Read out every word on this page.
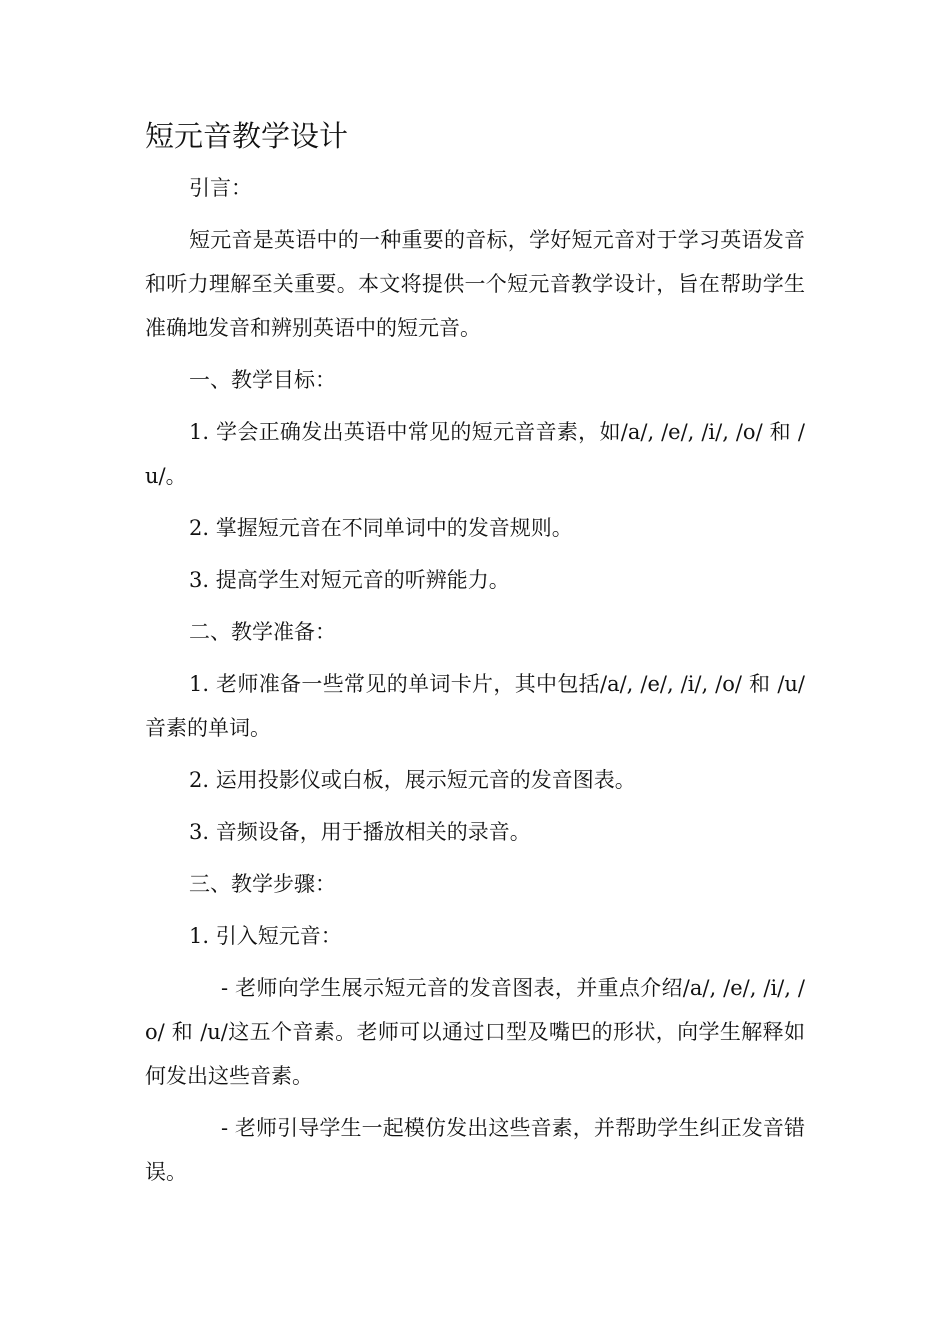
短元音教学设计

引言：

短元音是英语中的一种重要的音标，学好短元音对于学习英语发音和听力理解至关重要。本文将提供一个短元音教学设计，旨在帮助学生准确地发音和辨别英语中的短元音。

一、教学目标：

1. 学会正确发出英语中常见的短元音音素，如/a/, /e/, /i/, /o/ 和 /u/。

2. 掌握短元音在不同单词中的发音规则。

3. 提高学生对短元音的听辨能力。

二、教学准备：

1. 老师准备一些常见的单词卡片，其中包括/a/, /e/, /i/, /o/ 和 /u/ 音素的单词。

2. 运用投影仪或白板，展示短元音的发音图表。

3. 音频设备，用于播放相关的录音。

三、教学步骤：

1. 引入短元音：

- 老师向学生展示短元音的发音图表，并重点介绍/a/, /e/, /i/, /o/ 和 /u/这五个音素。老师可以通过口型及嘴巴的形状，向学生解释如何发出这些音素。

- 老师引导学生一起模仿发出这些音素，并帮助学生纠正发音错误。
